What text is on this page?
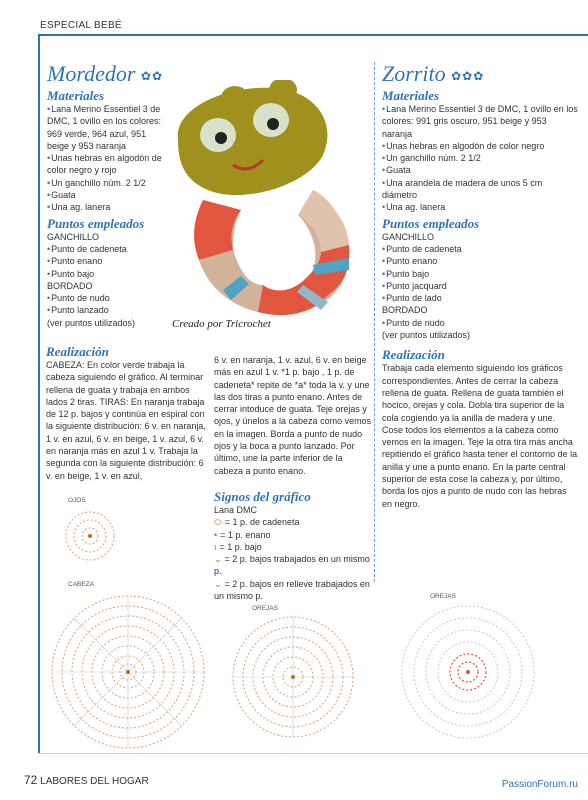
ESPECIAL BEBÉ
72 LABORES DEL HOGAR	PassionForum.ru
Mordedor ✿✿
Materiales

• Lana Merino Essentiel 3 de DMC, 1 ovillo en los colores: 969 verde, 964 azul, 951 beige y 953 naranja

• Unas hebras en algodón de color negro y rojo

• Un ganchillo núm. 2 1/2

• Guata

• Una ag. lanera

Puntos empleados

GANCHILLO

• Punto de cadeneta

• Punto enano

• Punto bajo

BORDADO

• Punto de nudo

• Punto lanzado

(ver puntos utilizados)	Creado por Tricrochet
Realización
CABEZA: En color verde trabaja la cabeza siguiendo el gráfico. Al terminar rellena de guata y trabaja en ambos lados 2 tiras. TIRAS: En naranja trabaja de 12 p. bajos y continúa en espiral con la siguiente distribución: 6 v. en naranja, 1 v. en azul, 6 v. en beige, 1 v. azul, 6 v. en naranja más en azul 1 v. Trabaja la segunda con la siguiente distribución: 6 v. en beige, 1 v. en azul,
6 v. en naranja, 1 v. azul, 6 v. en beige más en azul 1 v. *1 p. bajo , 1 p. de cadeneta* repite de *a* toda la v. y une las dos tiras a punto enano. Antes de cerrar intoduce de guata. Teje orejas y ojos, y únelos a la cabeza como vemos en la imagen. Borda a punto de nudo ojos y la boca a punto lanzado. Por último, une la parte inferior de la cabeza a punto enano.
Signos del gráfico

Lana DMC

⬭ = 1 p. de cadeneta

• = 1 p. enano

ı = 1 p. bajo

⌄ = 2 p. bajos trabajados en un mismo p.

⌄ = 2 p. bajos en relieve trabajados en un mismo p.

Zorrito ✿✿✿
Materiales

• Lana Merino Essentiel 3 de DMC, 1 ovillo en los colores: 991 gris oscuro, 951 beige y 953 naranja

• Unas hebras en algodón de color negro

• Un ganchillo núm. 2 1/2

• Guata

• Una arandela de madera de unos 5 cm diámetro

• Una ag. lanera

Puntos empleados

GANCHILLO

• Punto de cadeneta

• Punto enano

• Punto bajo

• Punto jacquard

• Punto de lado

BORDADO

• Punto de nudo

(ver puntos utilizados)

Realización
Trabaja cada elemento siguiendo los gráficos correspondientes. Antes de cerrar la cabeza rellena de guata. Rellena de guata también el hocico, orejas y cola. Dobla tira superior de la cola cogiendo ya la anilla de madera y une. Cose todos los elementos a la cabeza como vemos en la imagen. Teje la otra tira más ancha repitiendo el gráfico hasta tener el contorno de la anilla y une a punto enano. En la parte central superior de esta cose la cabeza y, por último, borda los ojos a punto de nudo con las hebras en negro.
OJOS
CABEZA
OREJAS
OREJAS
